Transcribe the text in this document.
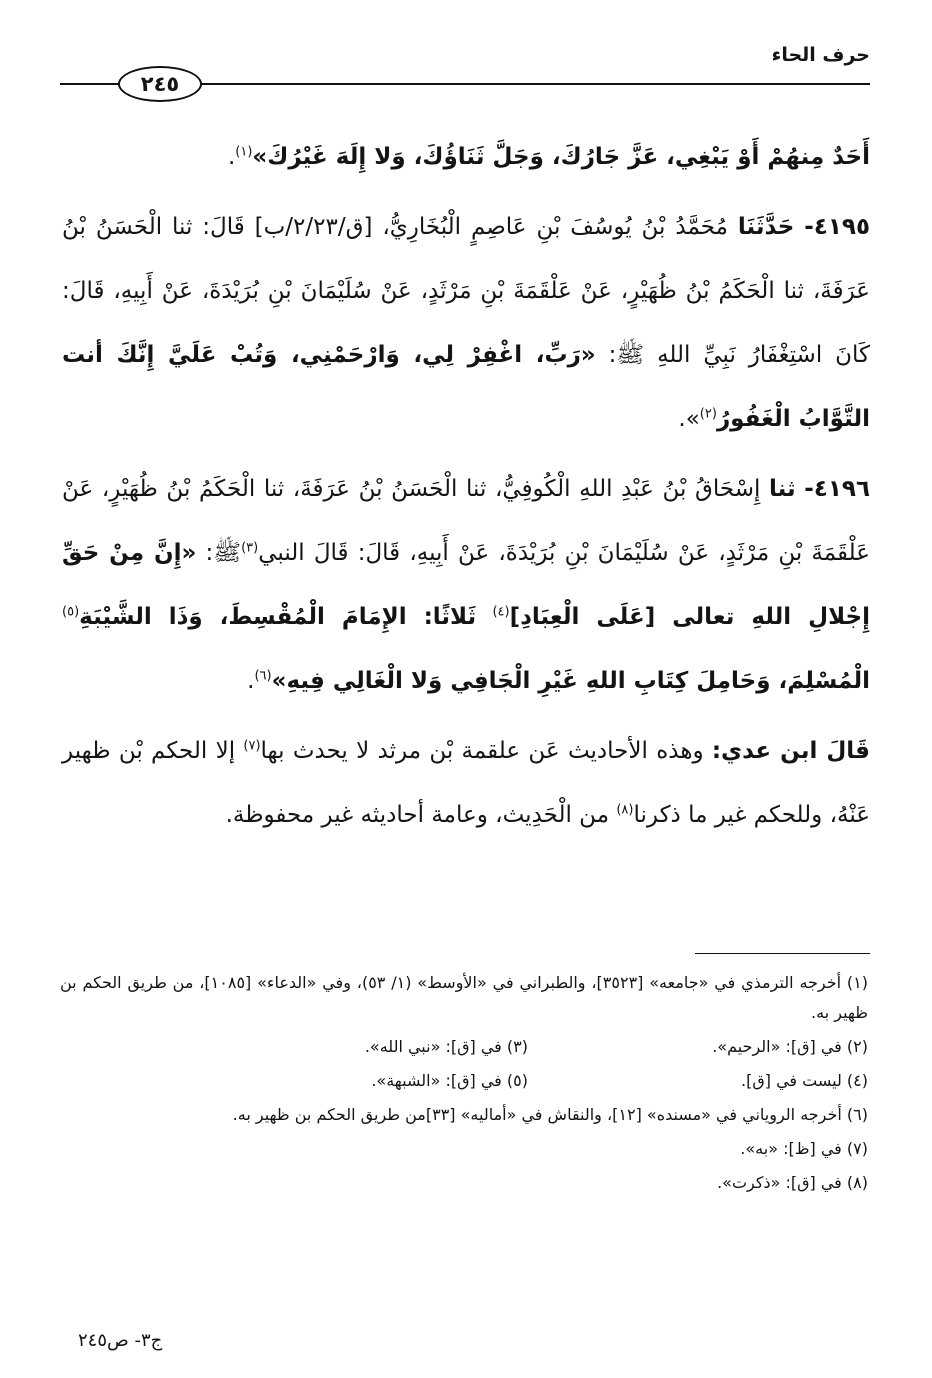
حرف الحاء
٢٤٥

أَحَدٌ مِنهُمْ أَوْ يَبْغِي، عَزَّ جَارُكَ، وَجَلَّ ثَنَاؤُكَ، وَلا إِلَهَ غَيْرُكَ»$^{(١)}$.

٤١٩٥- حَدَّثَنَا مُحَمَّدُ بْنُ يُوسُفَ بْنِ عَاصِمٍ الْبُخَارِيُّ، [ق/٢/٢٣/ب] قَالَ: ثنا الْحَسَنُ بْنُ عَرَفَةَ، ثنا الْحَكَمُ بْنُ ظُهَيْرٍ، عَنْ عَلْقَمَةَ بْنِ مَرْثَدٍ، عَنْ سُلَيْمَانَ بْنِ بُرَيْدَةَ، عَنْ أَبِيهِ، قَالَ: كَانَ اسْتِغْفَارُ نَبِيِّ اللهِ ﷺ: «رَبِّ، اغْفِرْ لِي، وَارْحَمْنِي، وَتُبْ عَلَيَّ إِنَّكَ أنت التَّوَّابُ الْغَفُورُ$^{(٢)}$».

٤١٩٦- ثنا إِسْحَاقُ بْنُ عَبْدِ اللهِ الْكُوفِيُّ، ثنا الْحَسَنُ بْنُ عَرَفَةَ، ثنا الْحَكَمُ بْنُ ظُهَيْرٍ، عَنْ عَلْقَمَةَ بْنِ مَرْثَدٍ، عَنْ سُلَيْمَانَ بْنِ بُرَيْدَةَ، عَنْ أَبِيهِ، قَالَ: قَالَ النبي$^{(٣)}$ﷺ: «إِنَّ مِنْ حَقِّ إِجْلالِ اللهِ تعالى [عَلَى الْعِبَادِ]$^{(٤)}$ ثَلاثًا: الإِمَامَ الْمُقْسِطَ، وَذَا الشَّيْبَةِ$^{(٥)}$ الْمُسْلِمَ، وَحَامِلَ كِتَابِ اللهِ غَيْرِ الْجَافِي وَلا الْغَالِي فِيهِ»$^{(٦)}$.

قَالَ ابن عدي: وهذه الأحاديث عَن علقمة بْن مرثد لا يحدث بها$^{(٧)}$ إلا الحكم بْن ظهير عَنْهُ، وللحكم غير ما ذكرنا$^{(٨)}$ من الْحَدِيث، وعامة أحاديثه غير محفوظة.

(١) أخرجه الترمذي في «جامعه» [٣٥٢٣]، والطبراني في «الأوسط» (١/ ٥٣)، وفي «الدعاء» [١٠٨٥]، من طريق الحكم بن ظهير به.

(٢) في [ق]: «الرحيم».
(٣) في [ق]: «نبي الله».
(٤) ليست في [ق].
(٥) في [ق]: «الشبهة».

(٦) أخرجه الروياني في «مسنده» [١٢]، والنقاش في «أماليه» [٣٣]من طريق الحكم بن ظهير به.

(٧) في [ظ]: «به».

(٨) في [ق]: «ذكرت».

ج٣- ص٢٤٥
